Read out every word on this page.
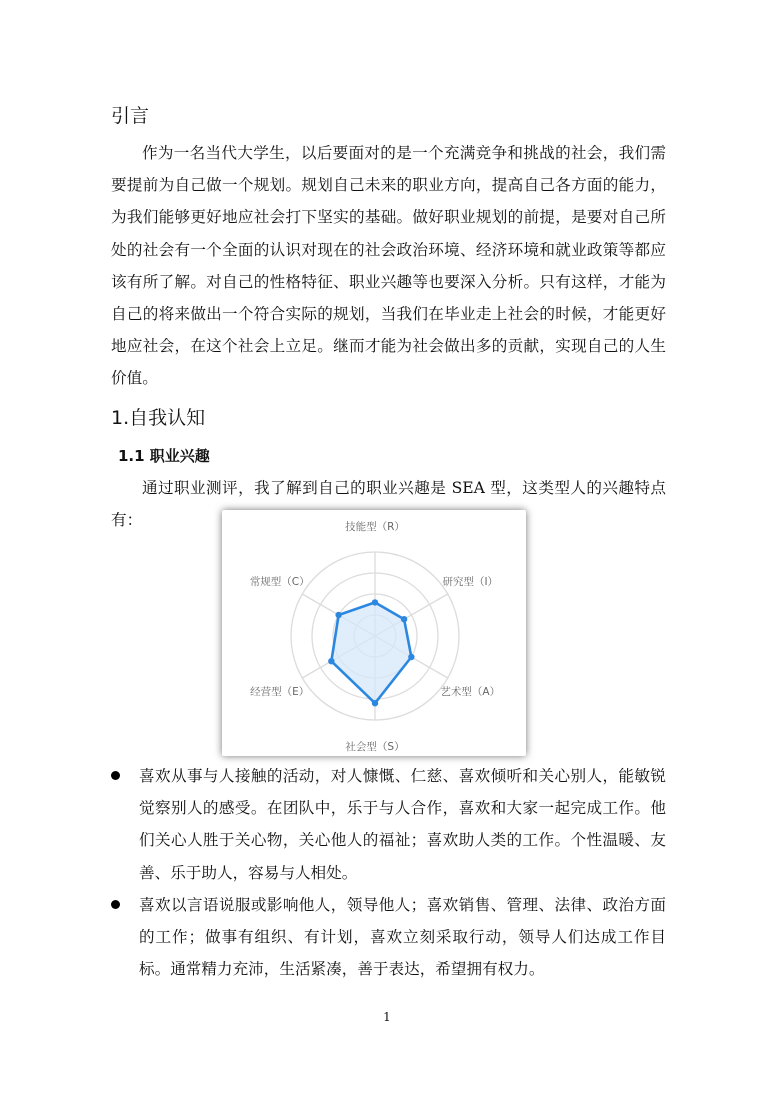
引言

作为一名当代大学生，以后要面对的是一个充满竞争和挑战的社会，我们需要提前为自己做一个规划。规划自己未来的职业方向，提高自己各方面的能力，为我们能够更好地应社会打下坚实的基础。做好职业规划的前提，是要对自己所处的社会有一个全面的认识对现在的社会政治环境、经济环境和就业政策等都应该有所了解。对自己的性格特征、职业兴趣等也要深入分析。只有这样，才能为自己的将来做出一个符合实际的规划，当我们在毕业走上社会的时候，才能更好地应社会，在这个社会上立足。继而才能为社会做出多的贡献，实现自己的人生价值。

1.自我认知
1.1 职业兴趣

通过职业测评，我了解到自己的职业兴趣是 SEA 型，这类型人的兴趣特点有：	技能型（R）
研究型（I）
艺术型（A）
社会型（S）
经营型（E）
常规型（C）
喜欢从事与人接触的活动，对人慷慨、仁慈、喜欢倾听和关心别人，能敏锐觉察别人的感受。在团队中，乐于与人合作，喜欢和大家一起完成工作。他们关心人胜于关心物，关心他人的福祉；喜欢助人类的工作。个性温暖、友善、乐于助人，容易与人相处。
喜欢以言语说服或影响他人，领导他人；喜欢销售、管理、法律、政治方面的工作；做事有组织、有计划，喜欢立刻采取行动，领导人们达成工作目标。通常精力充沛，生活紧凑，善于表达，希望拥有权力。
1
